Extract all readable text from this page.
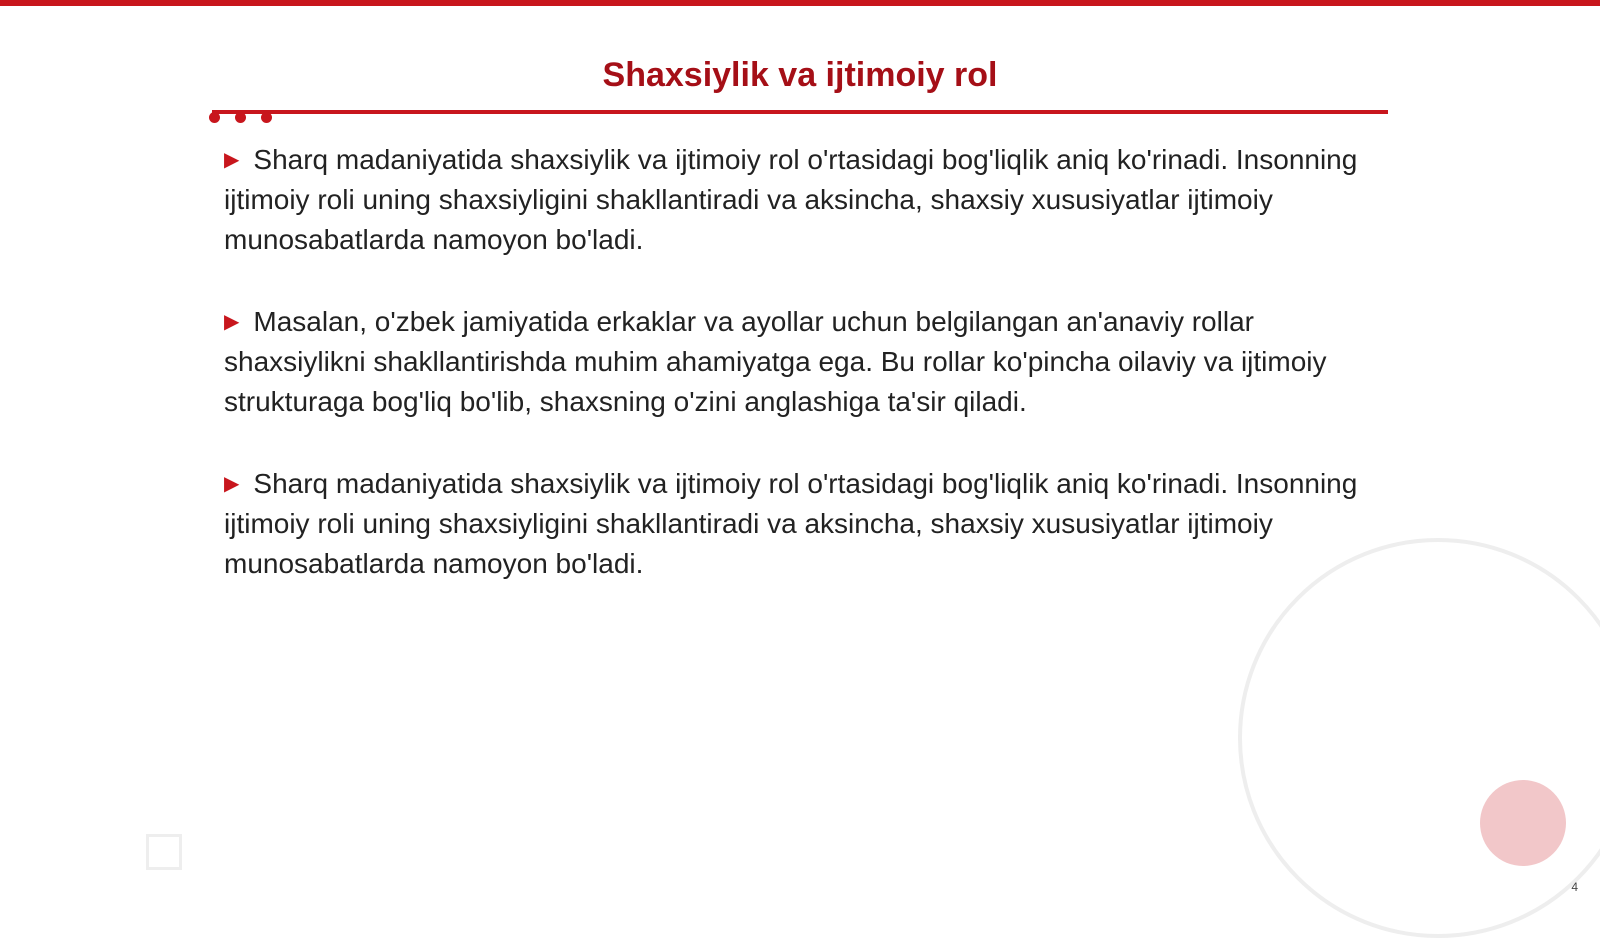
Shaxsiylik va ijtimoiy rol

▶ Sharq madaniyatida shaxsiylik va ijtimoiy rol o'rtasidagi bog'liqlik aniq ko'rinadi. Insonning ijtimoiy roli uning shaxsiyligini shakllantiradi va aksincha, shaxsiy xususiyatlar ijtimoiy munosabatlarda namoyon bo'ladi.

▶ Masalan, o'zbek jamiyatida erkaklar va ayollar uchun belgilangan an'anaviy rollar shaxsiylikni shakllantirishda muhim ahamiyatga ega. Bu rollar ko'pincha oilaviy va ijtimoiy strukturaga bog'liq bo'lib, shaxsning o'zini anglashiga ta'sir qiladi.

▶ Sharq madaniyatida shaxsiylik va ijtimoiy rol o'rtasidagi bog'liqlik aniq ko'rinadi. Insonning ijtimoiy roli uning shaxsiyligini shakllantiradi va aksincha, shaxsiy xususiyatlar ijtimoiy munosabatlarda namoyon bo'ladi.

4
